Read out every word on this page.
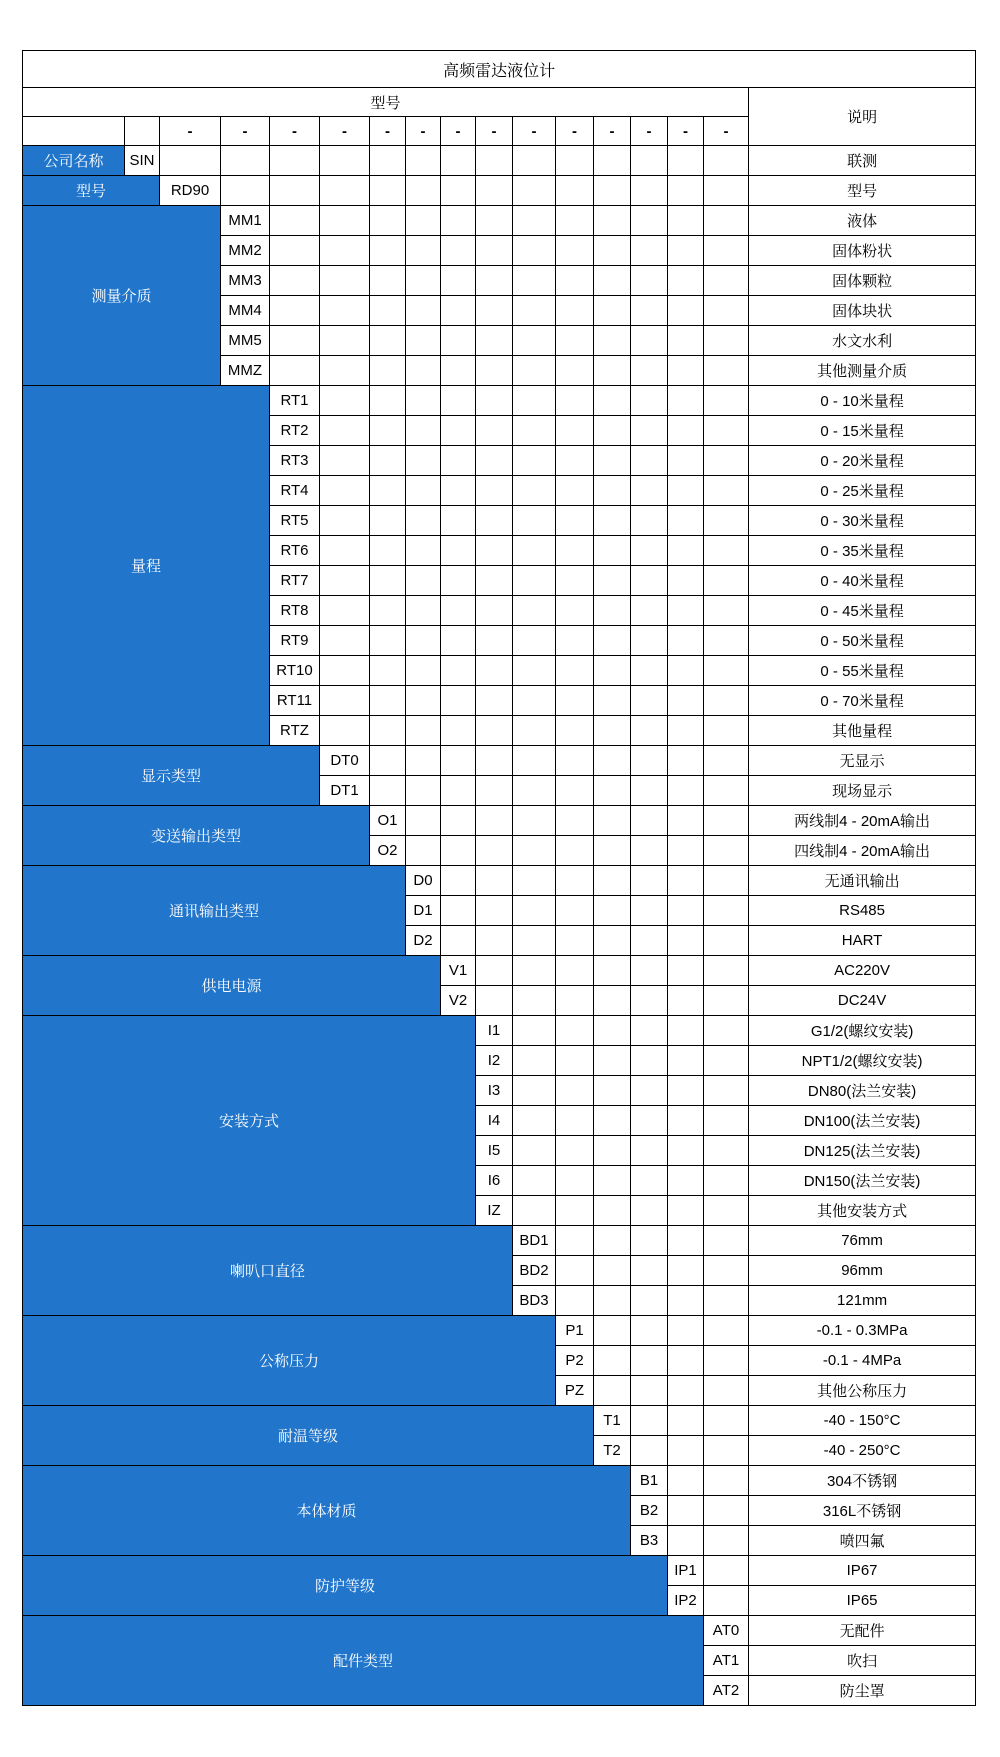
高频雷达液位计																
型号																说明
		-	-	-	-	-	-	-	-	-	-	-	-	-	-	
公司名称	SIN															联测
型号		RD90														型号
测量介质			MM1													液体
			MM2													固体粉状
			MM3													固体颗粒
			MM4													固体块状
			MM5													水文水利
			MMZ													其他测量介质
量程				RT1												0 - 10米量程
				RT2												0 - 15米量程
				RT3												0 - 20米量程
				RT4												0 - 25米量程
				RT5												0 - 30米量程
				RT6												0 - 35米量程
				RT7												0 - 40米量程
				RT8												0 - 45米量程
				RT9												0 - 50米量程
				RT10												0 - 55米量程
				RT11												0 - 70米量程
				RTZ												其他量程
显示类型					DT0											无显示
					DT1											现场显示
变送输出类型						O1										两线制4 - 20mA输出
						O2										四线制4 - 20mA输出
通讯输出类型							D0									无通讯输出
							D1									RS485
							D2									HART
供电电源								V1								AC220V
								V2								DC24V
安装方式									I1							G1/2(螺纹安装)
									I2							NPT1/2(螺纹安装)
									I3							DN80(法兰安装)
									I4							DN100(法兰安装)
									I5							DN125(法兰安装)
									I6							DN150(法兰安装)
									IZ							其他安装方式
喇叭口直径										BD1						76mm
										BD2						96mm
										BD3						121mm
公称压力											P1					-0.1 - 0.3MPa
											P2					-0.1 - 4MPa
											PZ					其他公称压力
耐温等级												T1				-40 - 150°C
												T2				-40 - 250°C
本体材质													B1			304不锈钢
													B2			316L不锈钢
													B3			喷四氟
防护等级														IP1		IP67
														IP2		IP65
配件类型															AT0	无配件
															AT1	吹扫
															AT2	防尘罩
